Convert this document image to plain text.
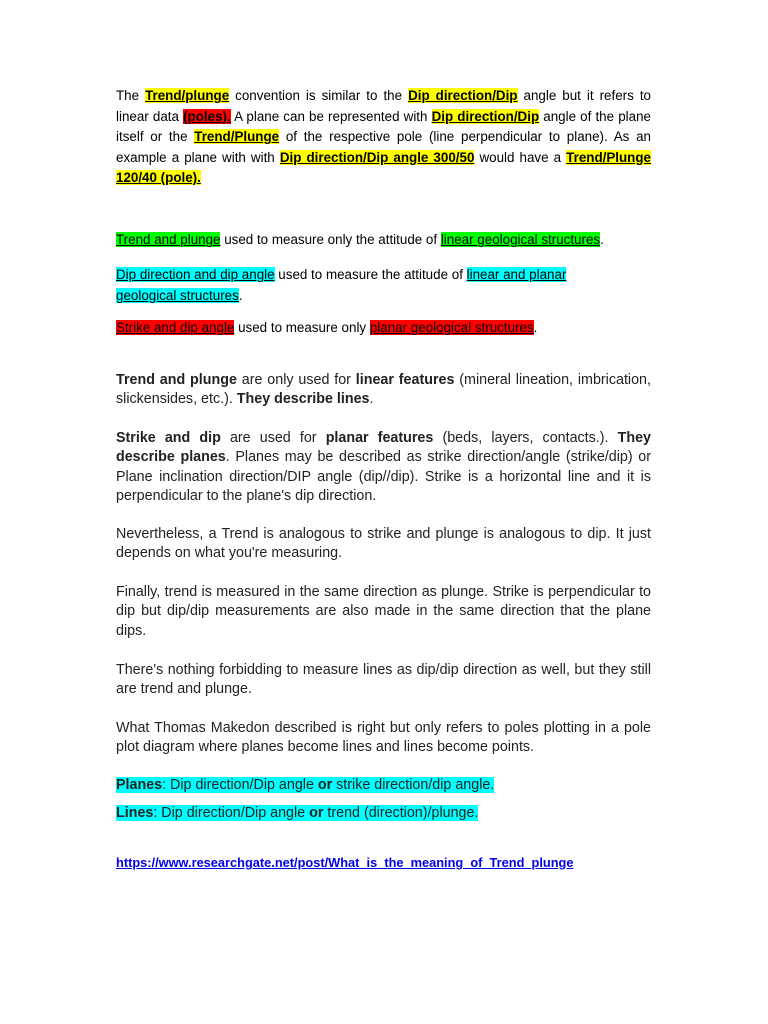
The Trend/plunge convention is similar to the Dip direction/Dip angle but it refers to linear data (poles). A plane can be represented with Dip direction/Dip angle of the plane itself or the Trend/Plunge of the respective pole (line perpendicular to plane). As an example a plane with with Dip direction/Dip angle 300/50 would have a Trend/Plunge 120/40 (pole).

Trend and plunge used to measure only the attitude of linear geological structures.

Dip direction and dip angle used to measure the attitude of linear and planar geological structures.

Strike and dip angle used to measure only planar geological structures.

Trend and plunge are only used for linear features (mineral lineation, imbrication, slickensides, etc.). They describe lines.

Strike and dip are used for planar features (beds, layers, contacts.). They describe planes. Planes may be described as strike direction/angle (strike/dip) or Plane inclination direction/DIP angle (dip//dip). Strike is a horizontal line and it is perpendicular to the plane's dip direction.

Nevertheless, a Trend is analogous to strike and plunge is analogous to dip. It just depends on what you're measuring.

Finally, trend is measured in the same direction as plunge. Strike is perpendicular to dip but dip/dip measurements are also made in the same direction that the plane dips.

There's nothing forbidding to measure lines as dip/dip direction as well, but they still are trend and plunge.

What Thomas Makedon described is right but only refers to poles plotting in a pole plot diagram where planes become lines and lines become points.

Planes: Dip direction/Dip angle or strike direction/dip angle.

Lines: Dip direction/Dip angle or trend (direction)/plunge.

https://www.researchgate.net/post/What_is_the_meaning_of_Trend_plunge
